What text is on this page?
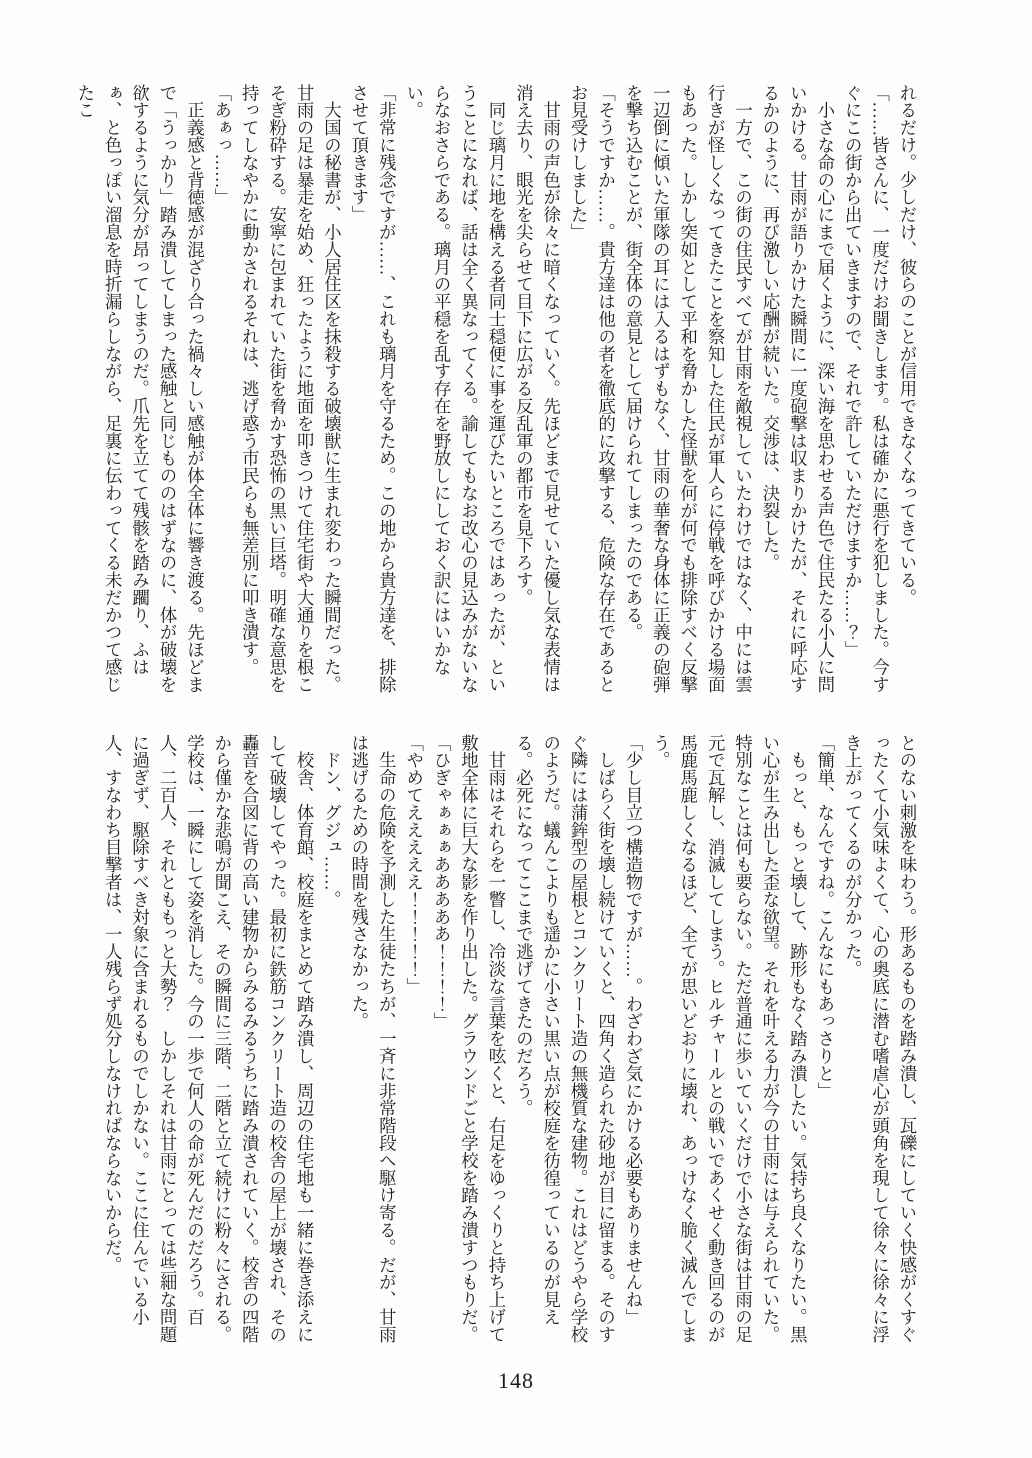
れるだけ。少しだけ、彼らのことが信用できなくなってきている。

「……皆さんに、一度だけお聞きします。私は確かに悪行を犯しました。今すぐにこの街から出ていきますので、それで許していただけますか……？」

　小さな命の心にまで届くように、深い海を思わせる声色で住民たる小人に問いかける。甘雨が語りかけた瞬間に一度砲撃は収まりかけたが、それに呼応するかのように、再び激しい応酬が続いた。交渉は、決裂した。

　一方で、この街の住民すべてが甘雨を敵視していたわけではなく、中には雲行きが怪しくなってきたことを察知した住民が軍人らに停戦を呼びかける場面もあった。しかし突如として平和を脅かした怪獣を何が何でも排除すべく反撃一辺倒に傾いた軍隊の耳には入るはずもなく、甘雨の華奢な身体に正義の砲弾を撃ち込むことが、街全体の意見として届けられてしまったのである。

「そうですか……。貴方達は他の者を徹底的に攻撃する、危険な存在であるとお見受けしました」

　甘雨の声色が徐々に暗くなっていく。先ほどまで見せていた優し気な表情は消え去り、眼光を尖らせて目下に広がる反乱軍の都市を見下ろす。

　同じ璃月に地を構える者同士穏便に事を運びたいところではあったが、ということになれば、話は全く異なってくる。諭してもなお改心の見込みがないならなおさらである。璃月の平穏を乱す存在を野放しにしておく訳にはいかない。

「非常に残念ですが……、これも璃月を守るため。この地から貴方達を、排除させて頂きます」

　大国の秘書が、小人居住区を抹殺する破壊獣に生まれ変わった瞬間だった。甘雨の足は暴走を始め、狂ったように地面を叩きつけて住宅街や大通りを根こそぎ粉砕する。安寧に包まれていた街を脅かす恐怖の黒い巨塔。明確な意思を持ってしなやかに動かされるそれは、逃げ惑う市民らも無差別に叩き潰す。

「あぁっ……」

　正義感と背徳感が混ざり合った禍々しい感触が体全体に響き渡る。先ほどまで「うっかり」踏み潰してしまった感触と同じもののはずなのに、体が破壊を欲するように気分が昂ってしまうのだ。爪先を立てて残骸を踏み躙り、ふはぁ、と色っぽい溜息を時折漏らしながら、足裏に伝わってくる未だかつて感じたこ

とのない刺激を味わう。形あるものを踏み潰し、瓦礫にしていく快感がくすぐったくて小気味よくて、心の奥底に潜む嗜虐心が頭角を現して徐々に徐々に浮き上がってくるのが分かった。

「簡単、なんですね。こんなにもあっさりと」

　もっと、もっと壊して、跡形もなく踏み潰したい。気持ち良くなりたい。黒い心が生み出した歪な欲望。それを叶える力が今の甘雨には与えられていた。特別なことは何も要らない。ただ普通に歩いていくだけで小さな街は甘雨の足元で瓦解し、消滅してしまう。ヒルチャールとの戦いであくせく動き回るのが馬鹿馬鹿しくなるほど、全てが思いどおりに壊れ、あっけなく脆く滅んでしまう。

「少し目立つ構造物ですが……。わざわざ気にかける必要もありませんね」

　しばらく街を壊し続けていくと、四角く造られた砂地が目に留まる。そのすぐ隣には蒲鉾型の屋根とコンクリート造の無機質な建物。これはどうやら学校のようだ。蟻んこよりも遥かに小さい黒い点が校庭を彷徨っているのが見える。必死になってここまで逃げてきたのだろう。

　甘雨はそれらを一瞥し、冷淡な言葉を呟くと、右足をゆっくりと持ち上げて敷地全体に巨大な影を作り出した。グラウンドごと学校を踏み潰すつもりだ。

「ひぎゃぁぁぁあああああ！！！！」

「やめてえええええ！！！！！」

　生命の危険を予測した生徒たちが、一斉に非常階段へ駆け寄る。だが、甘雨は逃げるための時間を残さなかった。

　ドン、グジュ……。

　校舎、体育館、校庭をまとめて踏み潰し、周辺の住宅地も一緒に巻き添えにして破壊してやった。最初に鉄筋コンクリート造の校舎の屋上が壊され、その轟音を合図に背の高い建物からみるみるうちに踏み潰されていく。校舎の四階から僅かな悲鳴が聞こえ、その瞬間に三階、二階と立て続けに粉々にされる。学校は、一瞬にして姿を消した。今の一歩で何人の命が死んだのだろう。百人、二百人、それとももっと大勢？　しかしそれは甘雨にとっては些細な問題に過ぎず、駆除すべき対象に含まれるものでしかない。ここに住んでいる小人、すなわち目撃者は、一人残らず処分しなければならないからだ。

148
